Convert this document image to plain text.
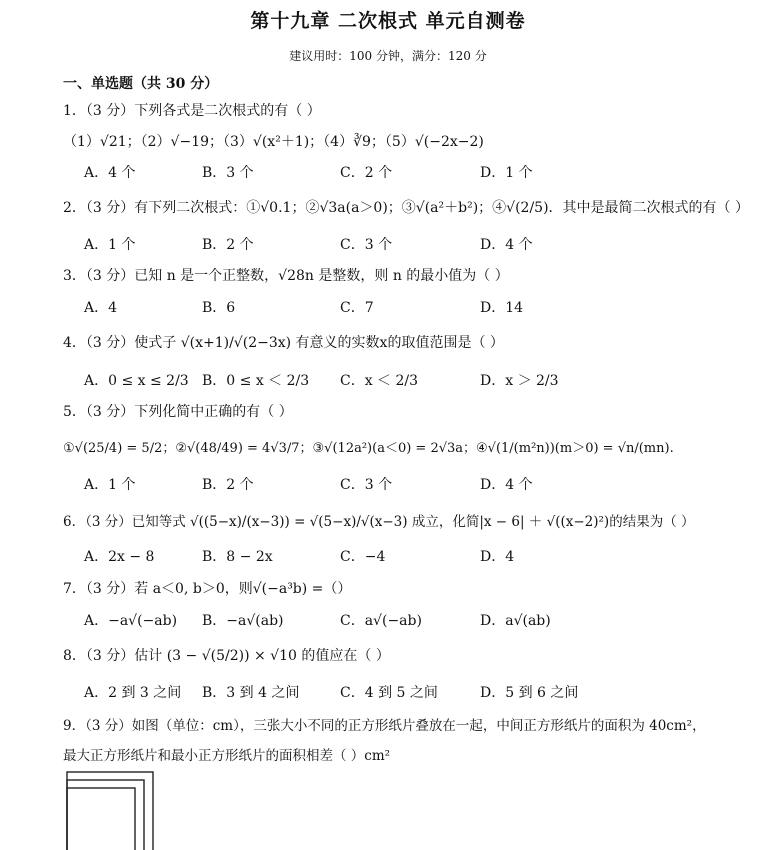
第十九章 二次根式 单元自测卷
建议用时：100 分钟，满分：120 分
一、单选题（共 30 分）
1．（3 分）下列各式是二次根式的有（ ）
（1）√21；（2）√−19；（3）√(x²＋1)；（4）∛9；（5）√(−2x−2)
A．4 个	B．3 个	C．2 个	D．1 个
2．（3 分）有下列二次根式：①√0.1；②√3a(a＞0)；③√(a²＋b²)；④√(2/5)．其中是最简二次根式的有（ ）
A．1 个	B．2 个	C．3 个	D．4 个
3．（3 分）已知 n 是一个正整数，√28n 是整数，则 n 的最小值为（ ）
A．4	B．6	C．7	D．14
4．（3 分）使式子 √(x+1)/√(2−3x) 有意义的实数x的取值范围是（ ）
A．0 ≤ x ≤ 2/3 B．0 ≤ x ＜ 2/3 C．x ＜ 2/3	D．x ＞ 2/3
5．（3 分）下列化简中正确的有（ ）
①√(25/4) = 5/2；②√(48/49) = 4√3/7；③√(12a²)(a＜0) = 2√3a；④√(1/(m²n))(m＞0) = √n/(mn).
A．1 个	B．2 个	C．3 个	D．4 个
6．（3 分）已知等式 √((5−x)/(x−3)) = √(5−x)/√(x−3) 成立，化简|x − 6| ＋ √((x−2)²)的结果为（ ）
A．2x − 8	B．8 − 2x	C．−4	D．4
7．（3 分）若 a＜0, b＞0，则√(−a³b) =（）
A．−a√(−ab) B．−a√(ab)	C．a√(−ab)	D．a√(ab)
8．（3 分）估计 (3 − √(5/2)) × √10 的值应在（ ）
A．2 到 3 之间 B．3 到 4 之间	C．4 到 5 之间	D．5 到 6 之间
9．（3 分）如图（单位：cm），三张大小不同的正方形纸片叠放在一起，中间正方形纸片的面积为 40cm²，
最大正方形纸片和最小正方形纸片的面积相差（ ）cm²
